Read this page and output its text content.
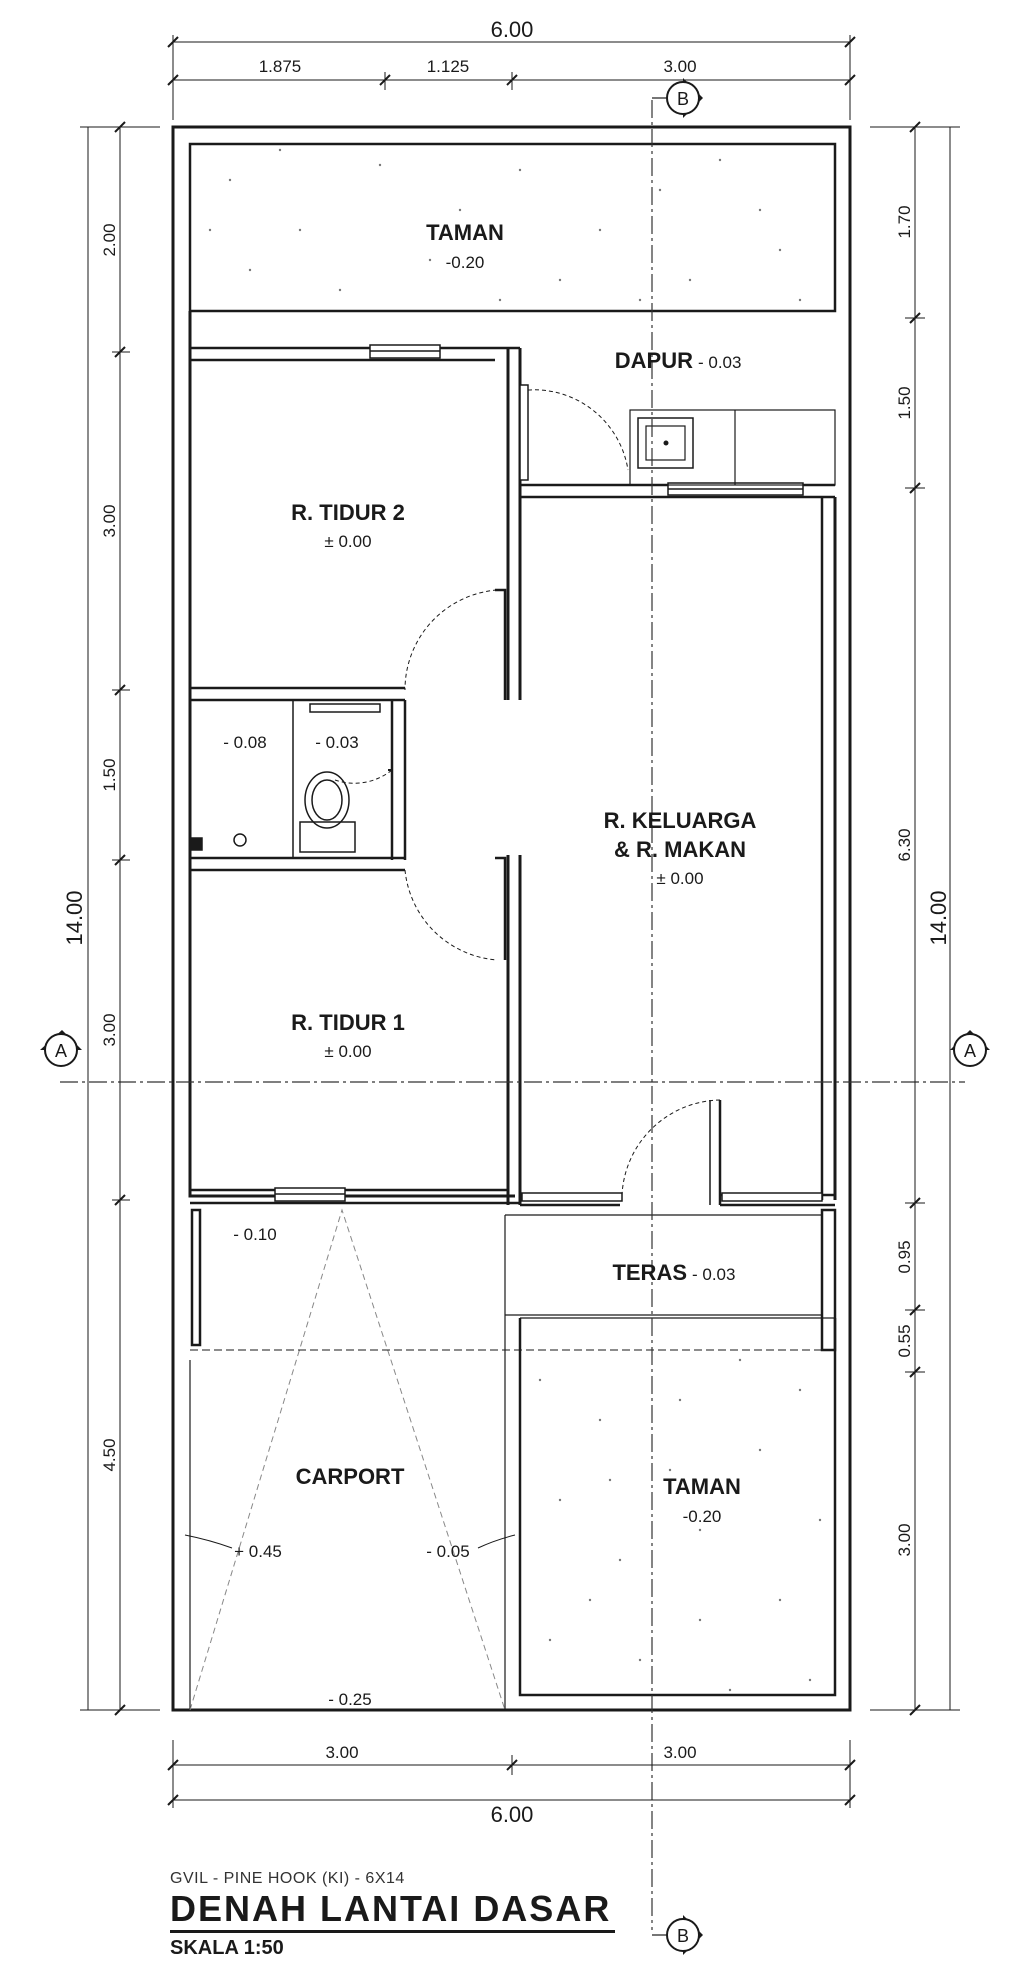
A	A
B
B
6.00
1.875	1.125	3.00
3.00	3.00
6.00
14.00
2.00
3.00
1.50
3.00
4.50
14.00
1.70
1.50
6.30
0.95
0.55
3.00
TAMAN
-0.20
DAPUR - 0.03
R. TIDUR 2
± 0.00
- 0.08	- 0.03
R. KELUARGA
& R. MAKAN
± 0.00
R. TIDUR 1
± 0.00
- 0.10
TERAS - 0.03
CARPORT
+ 0.45	- 0.05
- 0.25
TAMAN
-0.20
GVIL - PINE HOOK (KI) - 6X14
DENAH LANTAI DASAR
SKALA 1:50
